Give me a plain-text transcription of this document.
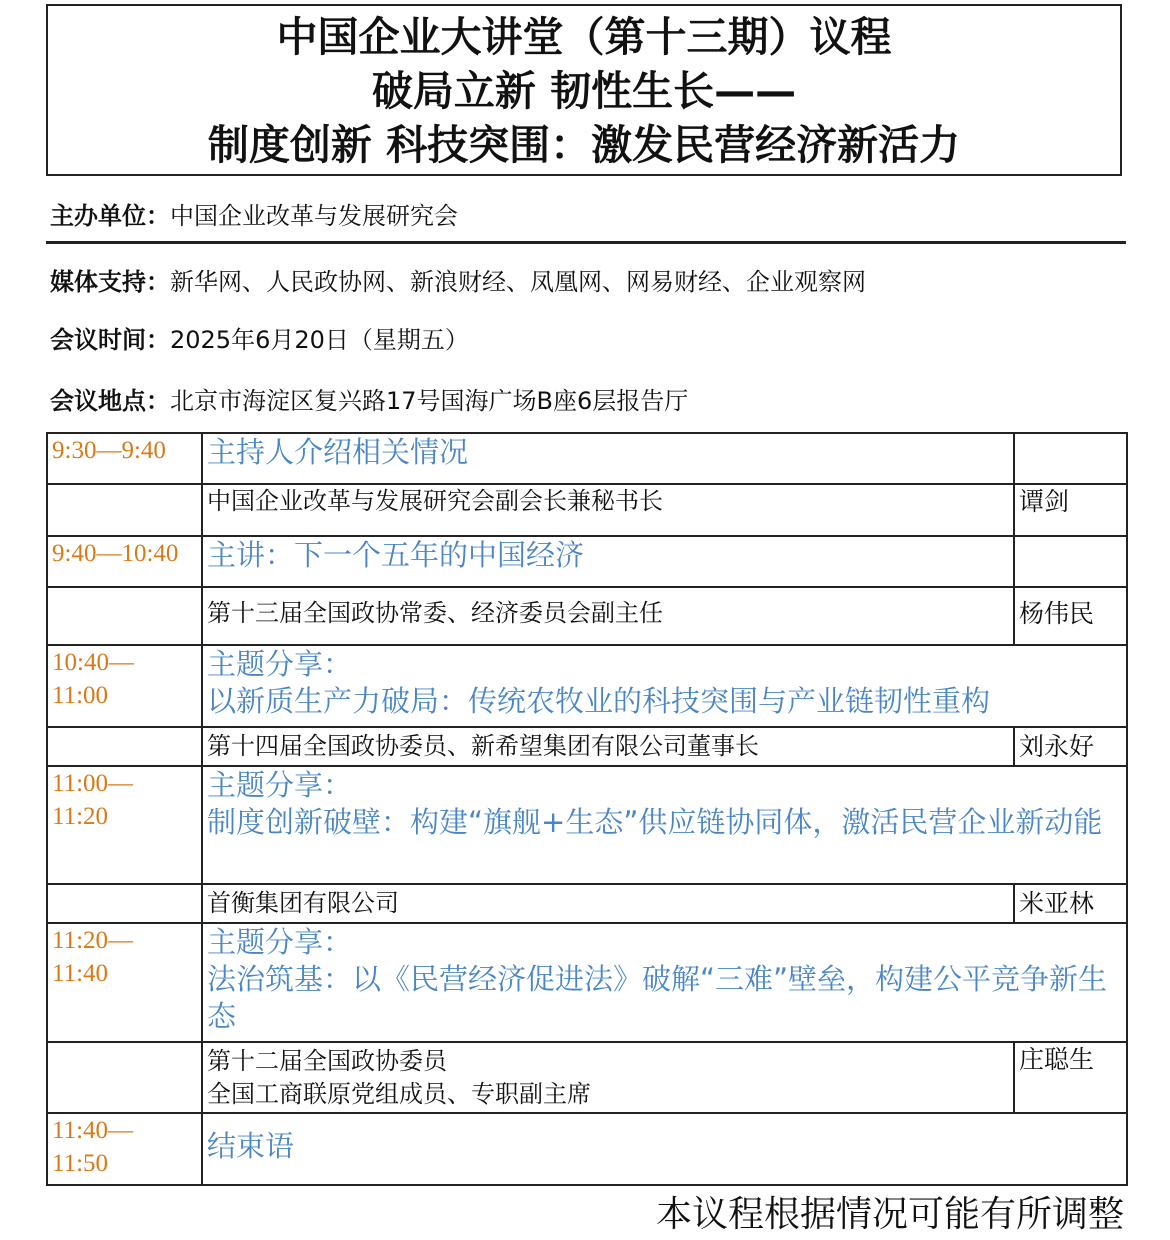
中国企业大讲堂（第十三期）议程
破局立新 韧性生长——
制度创新 科技突围：激发民营经济新活力
主办单位：中国企业改革与发展研究会
媒体支持：新华网、人民政协网、新浪财经、凤凰网、网易财经、企业观察网
会议时间：2025年6月20日（星期五）
会议地点：北京市海淀区复兴路17号国海广场B座6层报告厅
9:30—9:40	主持人介绍相关情况	
	中国企业改革与发展研究会副会长兼秘书长	谭剑
9:40—10:40	主讲：下一个五年的中国经济	
	第十三届全国政协常委、经济委员会副主任	杨伟民
10:40—
11:00	主题分享：
以新质生产力破局：传统农牧业的科技突围与产业链韧性重构	
	第十四届全国政协委员、新希望集团有限公司董事长	刘永好
11:00—
11:20	主题分享：
制度创新破壁：构建“旗舰+生态”供应链协同体，激活民营企业新动能	
	首衡集团有限公司	米亚林
11:20—
11:40	主题分享：
法治筑基：以《民营经济促进法》破解“三难”壁垒，构建公平竞争新生态	
	第十二届全国政协委员
全国工商联原党组成员、专职副主席	庄聪生
11:40—
11:50	结束语	
本议程根据情况可能有所调整
